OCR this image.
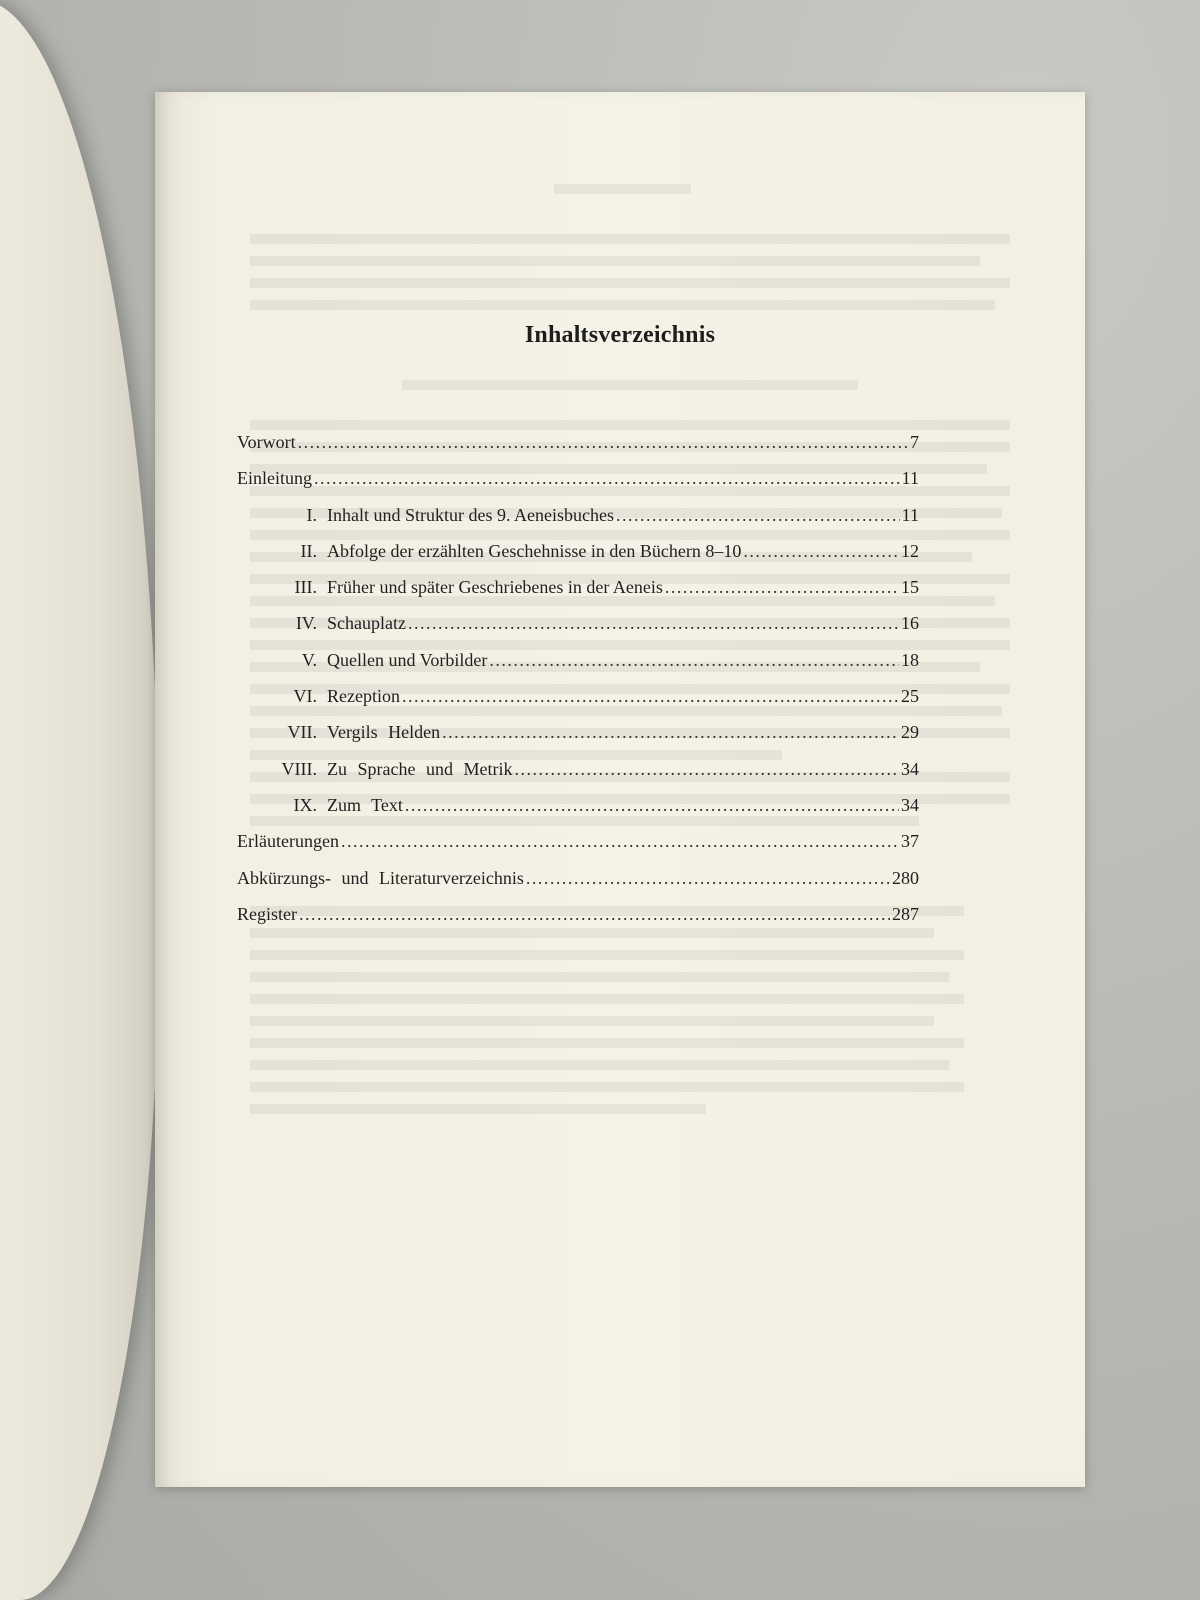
Inhaltsverzeichnis
Vorwort .....	7
Einleitung .....	11
I. Inhalt und Struktur des 9. Aeneisbuches .....	11
II. Abfolge der erzählten Geschehnisse in den Büchern 8–10 .....	12
III. Früher und später Geschriebenes in der Aeneis .....	15
IV. Schauplatz .....	16
V. Quellen und Vorbilder .....	18
VI. Rezeption .....	25
VII. Vergils Helden .....	29
VIII. Zu Sprache und Metrik .....	34
IX. Zum Text .....	34
Erläuterungen .....	37
Abkürzungs- und Literaturverzeichnis .....	280
Register .....	287
